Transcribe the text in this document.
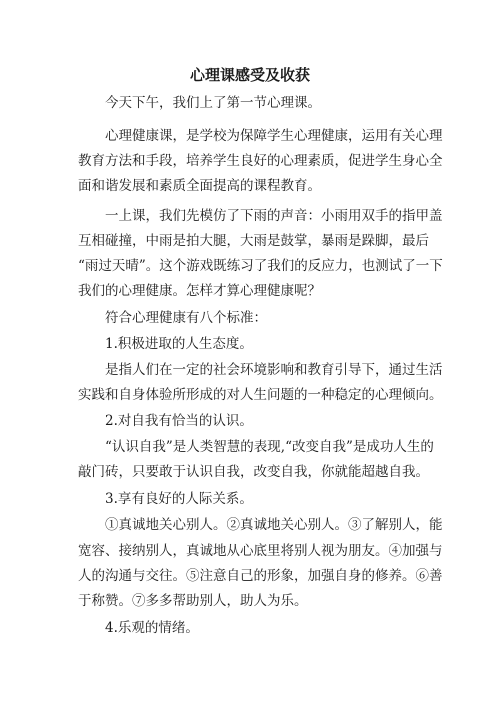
心理课感受及收获

今天下午，我们上了第一节心理课。

心理健康课，是学校为保障学生心理健康，运用有关心理

教育方法和手段，培养学生良好的心理素质，促进学生身心全

面和谐发展和素质全面提高的课程教育。

一上课，我们先模仿了下雨的声音：小雨用双手的指甲盖

互相碰撞，中雨是拍大腿，大雨是鼓掌，暴雨是跺脚，最后

“雨过天晴”。这个游戏既练习了我们的反应力，也测试了一下

我们的心理健康。怎样才算心理健康呢？

符合心理健康有八个标准：

1.积极进取的人生态度。

是指人们在一定的社会环境影响和教育引导下，通过生活

实践和自身体验所形成的对人生问题的一种稳定的心理倾向。

2.对自我有恰当的认识。

“认识自我”是人类智慧的表现,“改变自我”是成功人生的

敲门砖，只要敢于认识自我，改变自我，你就能超越自我。

3.享有良好的人际关系。

①真诚地关心别人。②真诚地关心别人。③了解别人，能

宽容、接纳别人，真诚地从心底里将别人视为朋友。④加强与

人的沟通与交往。⑤注意自己的形象，加强自身的修养。⑥善

于称赞。⑦多多帮助别人，助人为乐。

4.乐观的情绪。
